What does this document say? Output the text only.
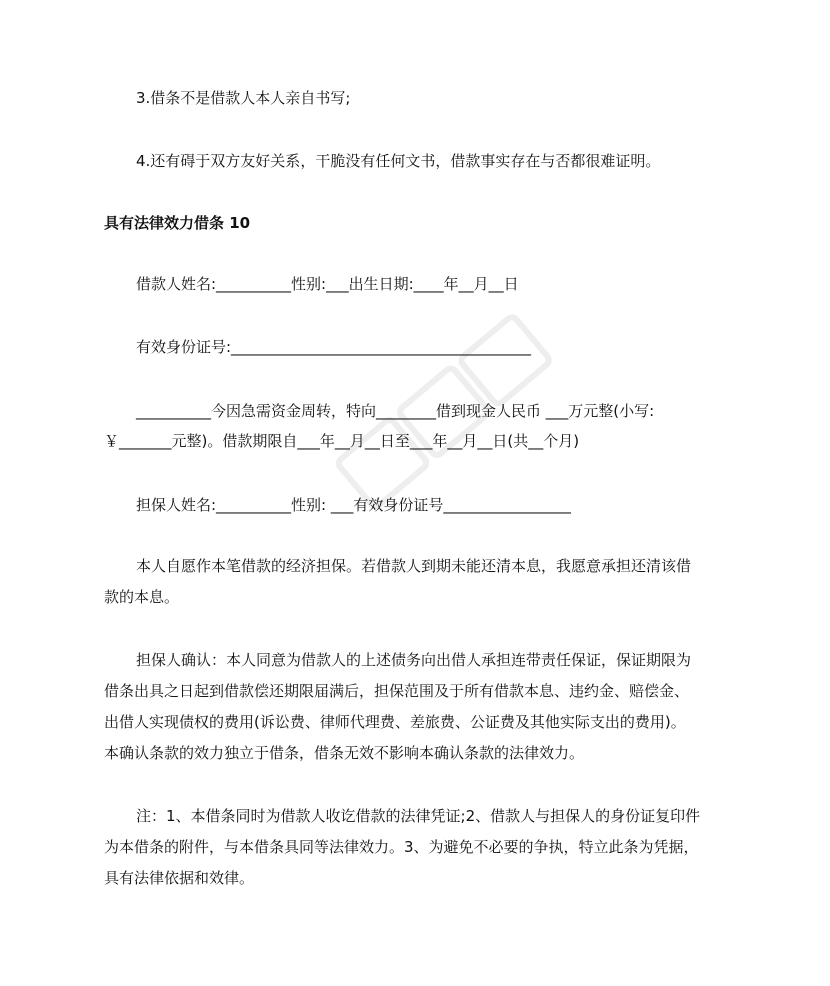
3.借条不是借款人本人亲自书写;
4.还有碍于双方友好关系，干脆没有任何文书，借款事实存在与否都很难证明。
具有法律效力借条 10
借款人姓名:__________性别:___出生日期:____年__月__日
有效身份证号:________________________________________
__________今因急需资金周转，特向________借到现金人民币 ___万元整(小写:
￥_______元整)。借款期限自___年__月__日至___年__月__日(共__个月)
担保人姓名:__________性别: ___有效身份证号_________________
本人自愿作本笔借款的经济担保。若借款人到期未能还清本息，我愿意承担还清该借
款的本息。
担保人确认：本人同意为借款人的上述债务向出借人承担连带责任保证，保证期限为
借条出具之日起到借款偿还期限届满后，担保范围及于所有借款本息、违约金、赔偿金、
出借人实现债权的费用(诉讼费、律师代理费、差旅费、公证费及其他实际支出的费用)。
本确认条款的效力独立于借条，借条无效不影响本确认条款的法律效力。
注：1、本借条同时为借款人收讫借款的法律凭证;2、借款人与担保人的身份证复印件
为本借条的附件，与本借条具同等法律效力。3、为避免不必要的争执，特立此条为凭据，
具有法律依据和效律。
